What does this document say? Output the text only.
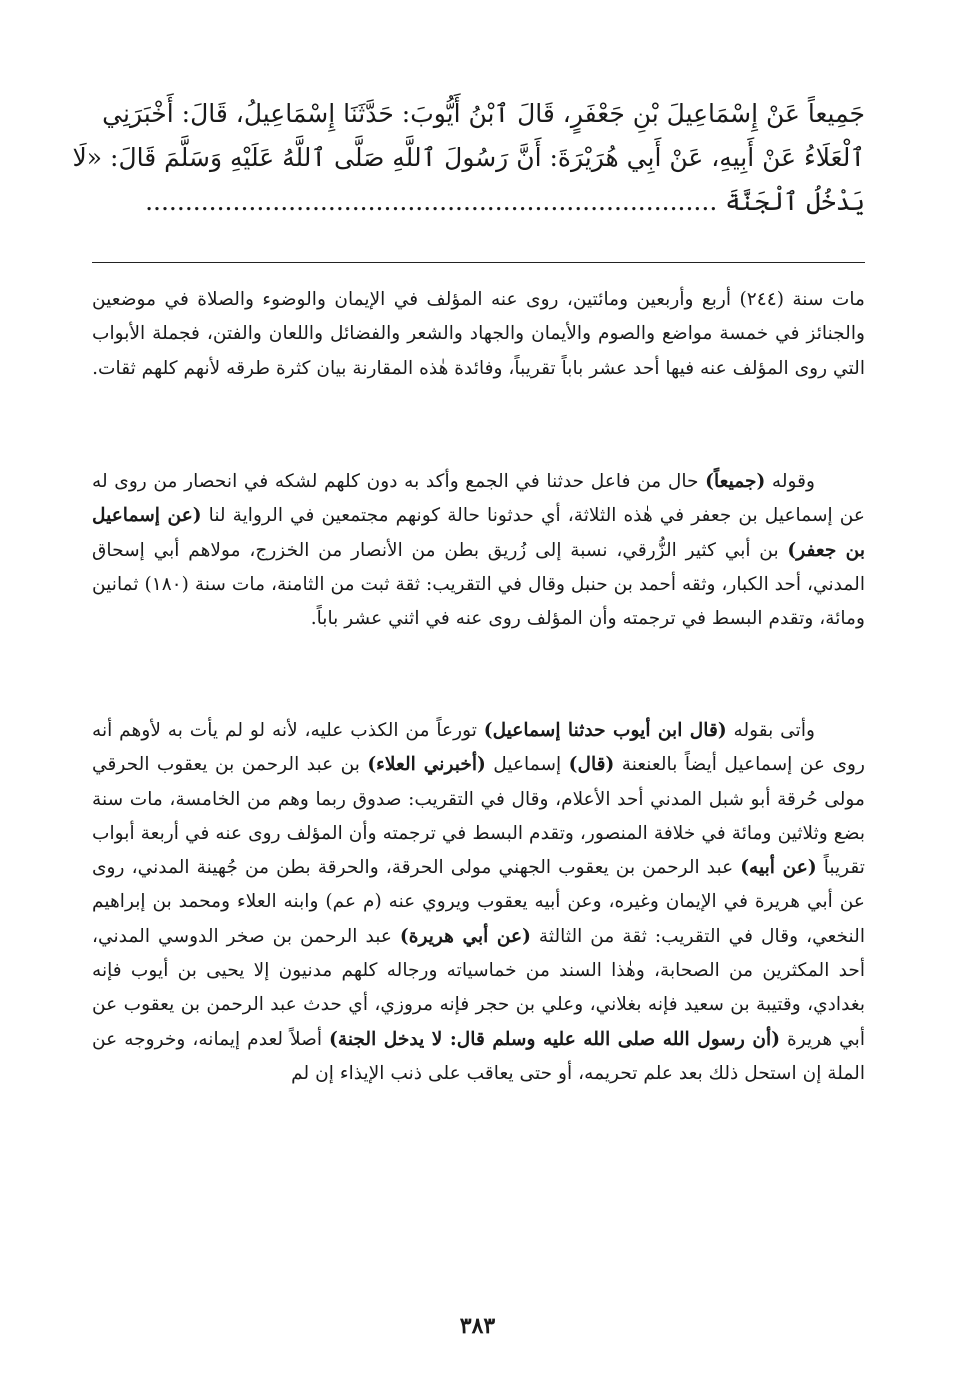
جَمِيعاً عَنْ إِسْمَاعِيلَ بْنِ جَعْفَرٍ، قَالَ ٱبْنُ أَيُّوبَ: حَدَّثَنَا إِسْمَاعِيلُ، قَالَ: أَخْبَرَنِي
ٱلْعَلَاءُ عَنْ أَبِيهِ، عَنْ أَبِي هُرَيْرَةَ: أَنَّ رَسُولَ ٱللَّهِ صَلَّى ٱللَّهُ عَلَيْهِ وَسَلَّمَ قَالَ: «لَا
يَدْخُلُ ٱلْجَنَّةَ ........................................................................
مات سنة (٢٤٤) أربع وأربعين ومائتين، روى عنه المؤلف في الإيمان والوضوء والصلاة في موضعين والجنائز في خمسة مواضع والصوم والأيمان والجهاد والشعر والفضائل واللعان والفتن، فجملة الأبواب التي روى المؤلف عنه فيها أحد عشر باباً تقريباً، وفائدة هٰذه المقارنة بيان كثرة طرقه لأنهم كلهم ثقات.
وقوله (جميعاً) حال من فاعل حدثنا في الجمع وأكد به دون كلهم لشكه في انحصار من روى له عن إسماعيل بن جعفر في هٰذه الثلاثة، أي حدثونا حالة كونهم مجتمعين في الرواية لنا (عن إسماعيل بن جعفر) بن أبي كثير الزُّرقي، نسبة إلى زُريق بطن من الأنصار من الخزرج، مولاهم أبي إسحاق المدني، أحد الكبار، وثقه أحمد بن حنبل وقال في التقريب: ثقة ثبت من الثامنة، مات سنة (١٨٠) ثمانين ومائة، وتقدم البسط في ترجمته وأن المؤلف روى عنه في اثني عشر باباً.
وأتى بقوله (قال ابن أيوب حدثنا إسماعيل) تورعاً من الكذب عليه، لأنه لو لم يأت به لأوهم أنه روى عن إسماعيل أيضاً بالعنعنة (قال) إسماعيل (أخبرني العلاء) بن عبد الرحمن بن يعقوب الحرقي مولى حُرقة أبو شبل المدني أحد الأعلام، وقال في التقريب: صدوق ربما وهم من الخامسة، مات سنة بضع وثلاثين ومائة في خلافة المنصور، وتقدم البسط في ترجمته وأن المؤلف روى عنه في أربعة أبواب تقريباً (عن أبيه) عبد الرحمن بن يعقوب الجهني مولى الحرقة، والحرقة بطن من جُهينة المدني، روى عن أبي هريرة في الإيمان وغيره، وعن أبيه يعقوب ويروي عنه (م عم) وابنه العلاء ومحمد بن إبراهيم النخعي، وقال في التقريب: ثقة من الثالثة (عن أبي هريرة) عبد الرحمن بن صخر الدوسي المدني، أحد المكثرين من الصحابة، وهٰذا السند من خماسياته ورجاله كلهم مدنيون إلا يحيى بن أيوب فإنه بغدادي، وقتيبة بن سعيد فإنه بغلاني، وعلي بن حجر فإنه مروزي، أي حدث عبد الرحمن بن يعقوب عن أبي هريرة (أن رسول الله صلى الله عليه وسلم قال: لا يدخل الجنة) أصلاً لعدم إيمانه، وخروجه عن الملة إن استحل ذلك بعد علم تحريمه، أو حتى يعاقب على ذنب الإيذاء إن لم
٣٨٣
